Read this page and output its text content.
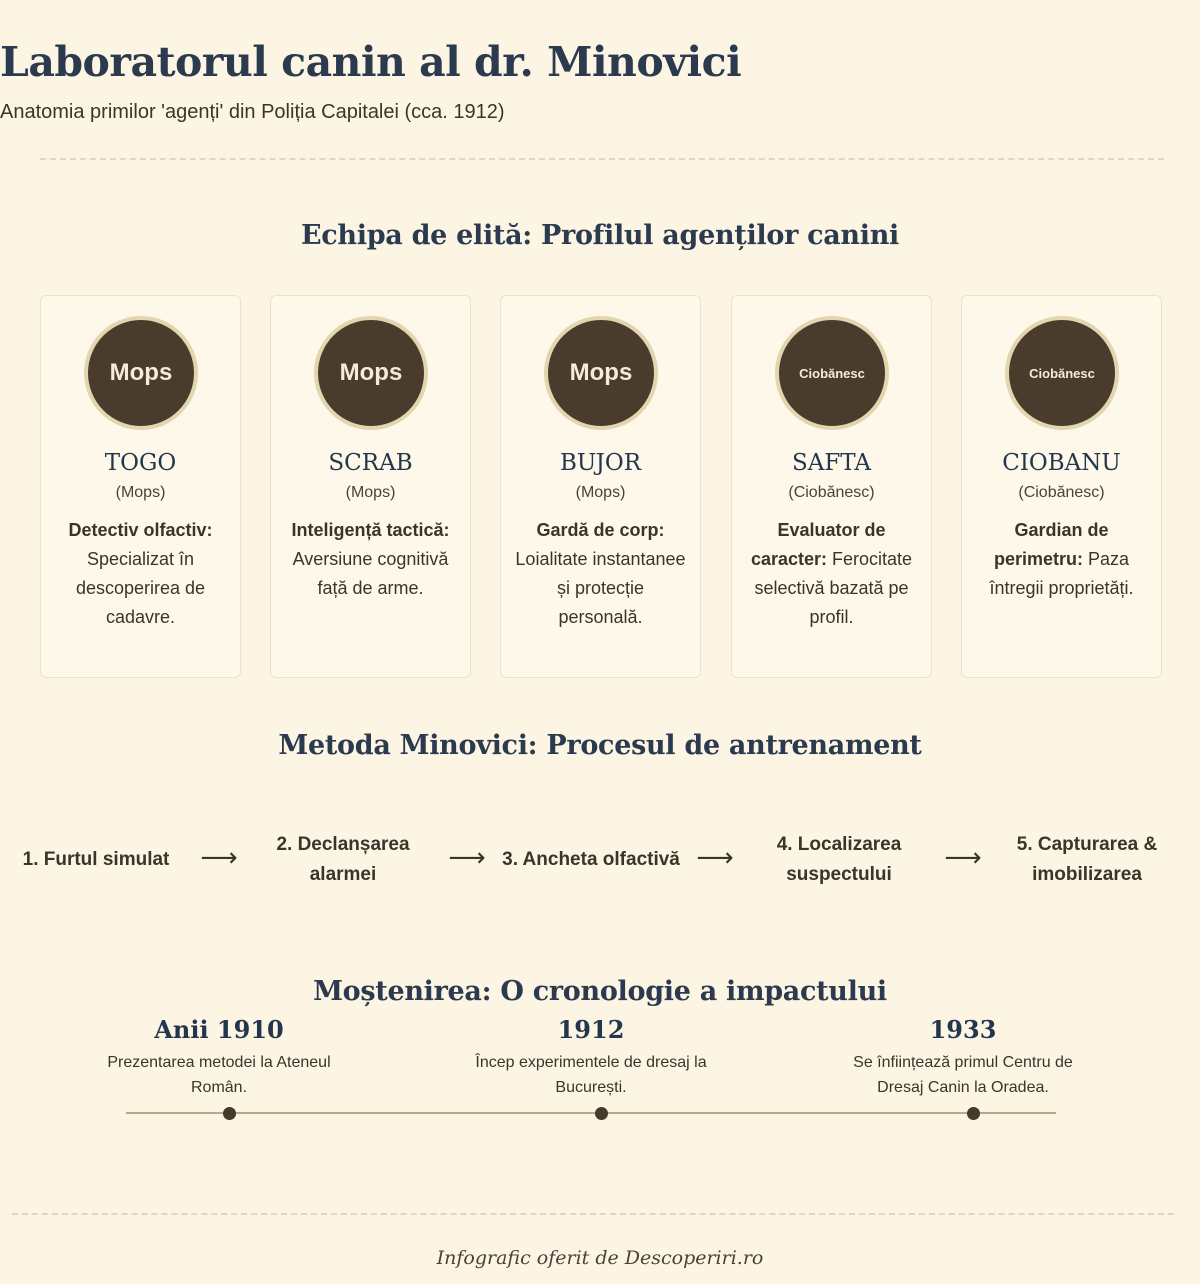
Laboratorul canin al dr. Minovici
Anatomia primilor 'agenți' din Poliția Capitalei (cca. 1912)
Echipa de elită: Profilul agenților canini
Mops
TOGO
(Mops)
Detectiv olfactiv: Specializat în descoperirea de cadavre.
Mops
SCRAB
(Mops)
Inteligență tactică: Aversiune cognitivă față de arme.
Mops
BUJOR
(Mops)
Gardă de corp: Loialitate instantanee și protecție personală.
Ciobănesc
SAFTA
(Ciobănesc)
Evaluator de caracter: Ferocitate selectivă bazată pe profil.
Ciobănesc
CIOBANU
(Ciobănesc)
Gardian de perimetru: Paza întregii proprietăți.
Metoda Minovici: Procesul de antrenament
1. Furtul simulat	⟶	2. Declanșarea alarmei
⟶ 3. Ancheta olfactivă ⟶	4. Localizarea suspectului
⟶	5. Capturarea & imobilizarea
Moștenirea: O cronologie a impactului
Anii 1910
Prezentarea metodei la Ateneul Român.
1912
Încep experimentele de dresaj la București.
1933
Se înființează primul Centru de Dresaj Canin la Oradea.
Infografic oferit de Descoperiri.ro
